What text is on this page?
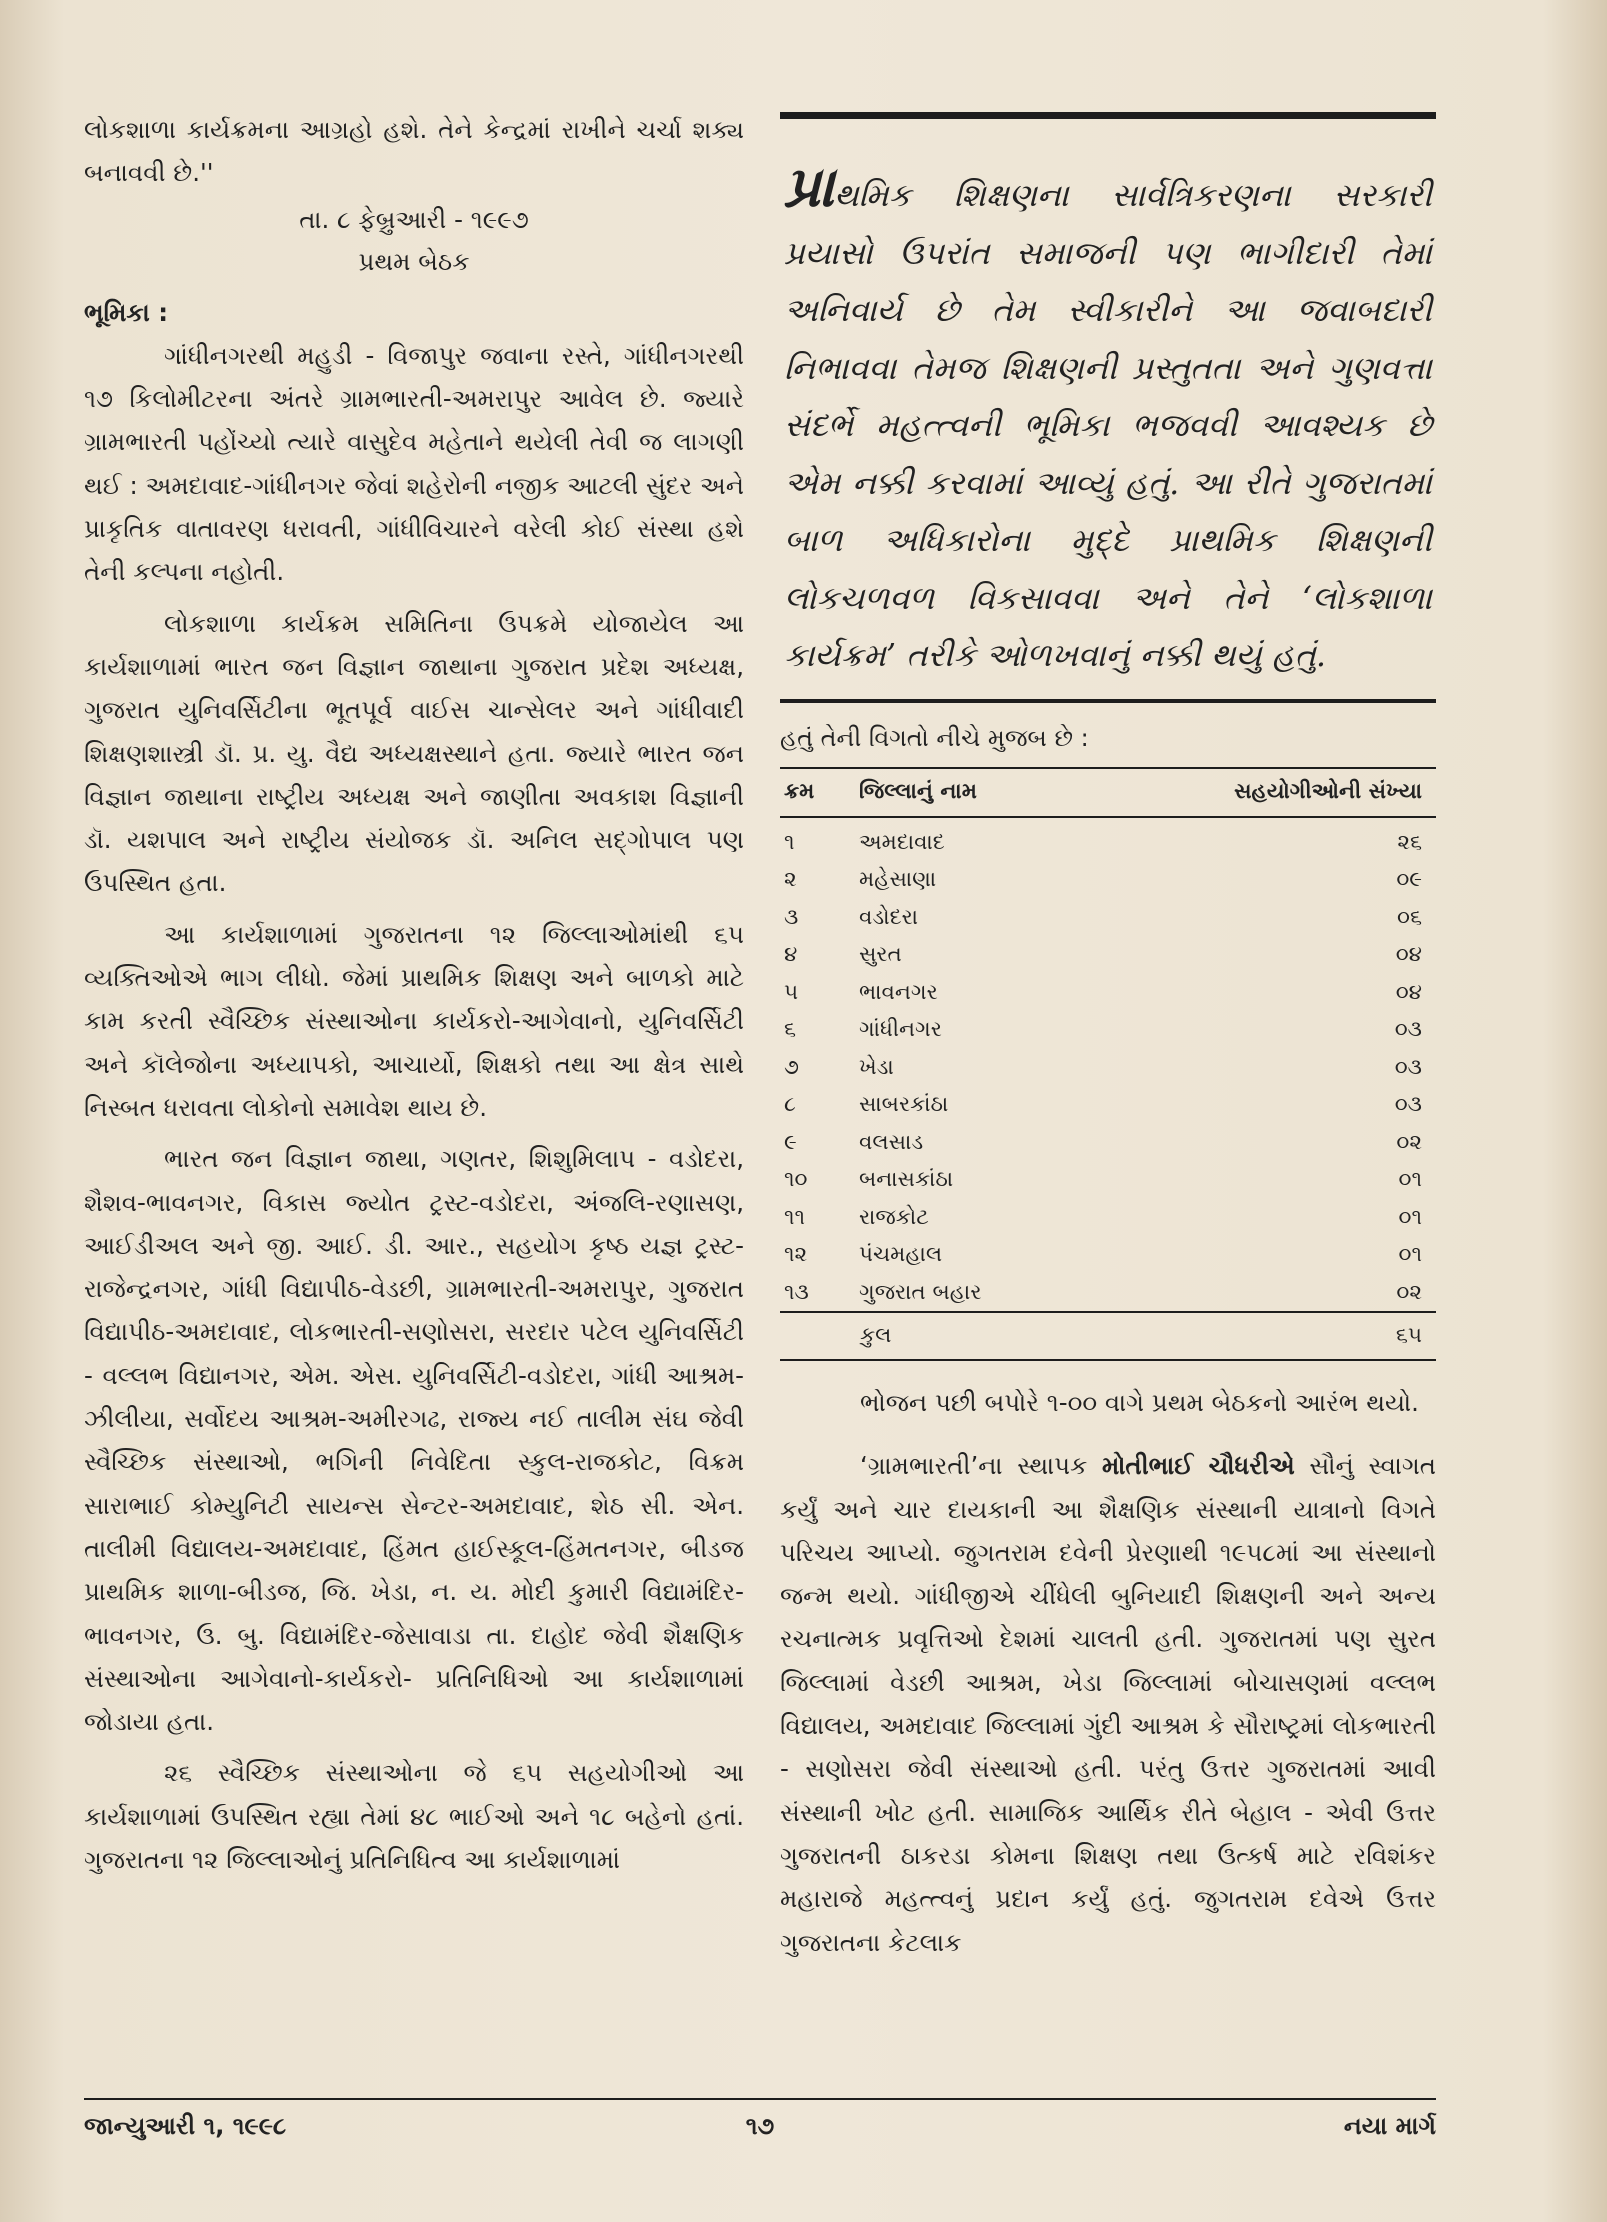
લોકશાળા કાર્યક્રમના આગ્રહો હશે. તેને કેન્દ્રમાં રાખીને ચર્ચા શક્ય બનાવવી છે.''

તા. ૮ ફેબ્રુઆરી - ૧૯૯૭

પ્રથમ બેઠક

ભૂમિકા :

ગાંધીનગરથી મહુડી - વિજાપુર જવાના રસ્તે, ગાંધીનગરથી ૧૭ કિલોમીટરના અંતરે ગ્રામભારતી-અમરાપુર આવેલ છે. જ્યારે ગ્રામભારતી પહોંચ્યો ત્યારે વાસુદેવ મહેતાને થયેલી તેવી જ લાગણી થઈ : અમદાવાદ-ગાંધીનગર જેવાં શહેરોની નજીક આટલી સુંદર અને પ્રાકૃતિક વાતાવરણ ધરાવતી, ગાંધીવિચારને વરેલી કોઈ સંસ્થા હશે તેની કલ્પના નહોતી.

લોકશાળા કાર્યક્રમ સમિતિના ઉપક્રમે યોજાયેલ આ કાર્યશાળામાં ભારત જન વિજ્ઞાન જાથાના ગુજરાત પ્રદેશ અધ્યક્ષ, ગુજરાત યુનિવર્સિટીના ભૂતપૂર્વ વાઈસ ચાન્સેલર અને ગાંધીવાદી શિક્ષણશાસ્ત્રી ડૉ. પ્ર. યુ. વૈદ્ય અધ્યક્ષસ્થાને હતા. જ્યારે ભારત જન વિજ્ઞાન જાથાના રાષ્ટ્રીય અધ્યક્ષ અને જાણીતા અવકાશ વિજ્ઞાની ડૉ. યશપાલ અને રાષ્ટ્રીય સંયોજક ડૉ. અનિલ સદ્‌ગોપાલ પણ ઉપસ્થિત હતા.

આ કાર્યશાળામાં ગુજરાતના ૧૨ જિલ્લાઓમાંથી ૬૫ વ્યક્તિઓએ ભાગ લીધો. જેમાં પ્રાથમિક શિક્ષણ અને બાળકો માટે કામ કરતી સ્વૈચ્છિક સંસ્થાઓના કાર્યકરો-આગેવાનો, યુનિવર્સિટી અને કૉલેજોના અધ્યાપકો, આચાર્યો, શિક્ષકો તથા આ ક્ષેત્ર સાથે નિસ્બત ધરાવતા લોકોનો સમાવેશ થાય છે.

ભારત જન વિજ્ઞાન જાથા, ગણતર, શિશુમિલાપ - વડોદરા, શૈશવ-ભાવનગર, વિકાસ જ્યોત ટ્રસ્ટ-વડોદરા, અંજલિ-રણાસણ, આઈડીઅલ અને જી. આઈ. ડી. આર., સહયોગ કૃષ્ઠ યજ્ઞ ટ્રસ્ટ-રાજેન્દ્રનગર, ગાંધી વિદ્યાપીઠ-વેડછી, ગ્રામભારતી-અમરાપુર, ગુજરાત વિદ્યાપીઠ-અમદાવાદ, લોકભારતી-સણોસરા, સરદાર પટેલ યુનિવર્સિટી - વલ્લભ વિદ્યાનગર, એમ. એસ. યુનિવર્સિટી-વડોદરા, ગાંધી આશ્રમ-ઝીલીયા, સર્વોદય આશ્રમ-અમીરગઢ, રાજ્ય નઈ તાલીમ સંઘ જેવી સ્વૈચ્છિક સંસ્થાઓ, ભગિની નિવેદિતા સ્કુલ-રાજકોટ, વિક્રમ સારાભાઈ કોમ્યુનિટી સાયન્સ સેન્ટર-અમદાવાદ, શેઠ સી. એન. તાલીમી વિદ્યાલય-અમદાવાદ, હિંમત હાઈસ્કૂલ-હિંમતનગર, બીડજ પ્રાથમિક શાળા-બીડજ, જિ. ખેડા, ન. ય. મોદી કુમારી વિદ્યામંદિર-ભાવનગર, ઉ. બુ. વિદ્યામંદિર-જેસાવાડા તા. દાહોદ જેવી શૈક્ષણિક સંસ્થાઓના આગેવાનો-કાર્યકરો- પ્રતિનિધિઓ આ કાર્યશાળામાં જોડાયા હતા.

૨૬ સ્વૈચ્છિક સંસ્થાઓના જે ૬૫ સહયોગીઓ આ કાર્યશાળામાં ઉપસ્થિત રહ્યા તેમાં ૪૮ ભાઈઓ અને ૧૮ બહેનો હતાં. ગુજરાતના ૧૨ જિલ્લાઓનું પ્રતિનિધિત્વ આ કાર્યશાળામાં

પ્રાથમિક શિક્ષણના સાર્વત્રિકરણના સરકારી પ્રયાસો ઉપરાંત સમાજની પણ ભાગીદારી તેમાં અનિવાર્ય છે તેમ સ્વીકારીને આ જવાબદારી નિભાવવા તેમજ શિક્ષણની પ્રસ્તુતતા અને ગુણવત્તા સંદર્ભે મહત્ત્વની ભૂમિકા ભજવવી આવશ્યક છે એમ નક્કી કરવામાં આવ્યું હતું. આ રીતે ગુજરાતમાં બાળ અધિકારોના મુદ્દે પ્રાથમિક શિક્ષણની લોકચળવળ વિકસાવવા અને તેને ‘લોકશાળા કાર્યક્રમ’ તરીકે ઓળખવાનું નક્કી થયું હતું.

હતું તેની વિગતો નીચે મુજબ છે :

ક્રમ	જિલ્લાનું નામ	સહયોગીઓની સંખ્યા
૧	અમદાવાદ	૨૬
૨	મહેસાણા	૦૯
૩	વડોદરા	૦૬
૪	સુરત	૦૪
૫	ભાવનગર	૦૪
૬	ગાંધીનગર	૦૩
૭	ખેડા	૦૩
૮	સાબરકાંઠા	૦૩
૯	વલસાડ	૦૨
૧૦	બનાસકાંઠા	૦૧
૧૧	રાજકોટ	૦૧
૧૨	પંચમહાલ	૦૧
૧૩	ગુજરાત બહાર	૦૨
	કુલ	૬૫

ભોજન પછી બપોરે ૧-૦૦ વાગે પ્રથમ બેઠકનો આરંભ થયો.

‘ગ્રામભારતી’ના સ્થાપક મોતીભાઈ ચૌધરીએ સૌનું સ્વાગત કર્યું અને ચાર દાયકાની આ શૈક્ષણિક સંસ્થાની યાત્રાનો વિગતે પરિચય આપ્યો. જુગતરામ દવેની પ્રેરણાથી ૧૯૫૮માં આ સંસ્થાનો જન્મ થયો. ગાંધીજીએ ચીંધેલી બુનિયાદી શિક્ષણની અને અન્ય રચનાત્મક પ્રવૃત્તિઓ દેશમાં ચાલતી હતી. ગુજરાતમાં પણ સુરત જિલ્લામાં વેડછી આશ્રમ, ખેડા જિલ્લામાં બોચાસણમાં વલ્લભ વિદ્યાલય, અમદાવાદ જિલ્લામાં ગુંદી આશ્રમ કે સૌરાષ્ટ્રમાં લોકભારતી - સણોસરા જેવી સંસ્થાઓ હતી. પરંતુ ઉત્તર ગુજરાતમાં આવી સંસ્થાની ખોટ હતી. સામાજિક આર્થિક રીતે બેહાલ - એવી ઉત્તર ગુજરાતની ઠાકરડા કોમના શિક્ષણ તથા ઉત્કર્ષ માટે રવિશંકર મહારાજે મહત્ત્વનું પ્રદાન કર્યું હતું. જુગતરામ દવેએ ઉત્તર ગુજરાતના કેટલાક

જાન્યુઆરી ૧, ૧૯૯૮	૧૭	નયા માર્ગ
